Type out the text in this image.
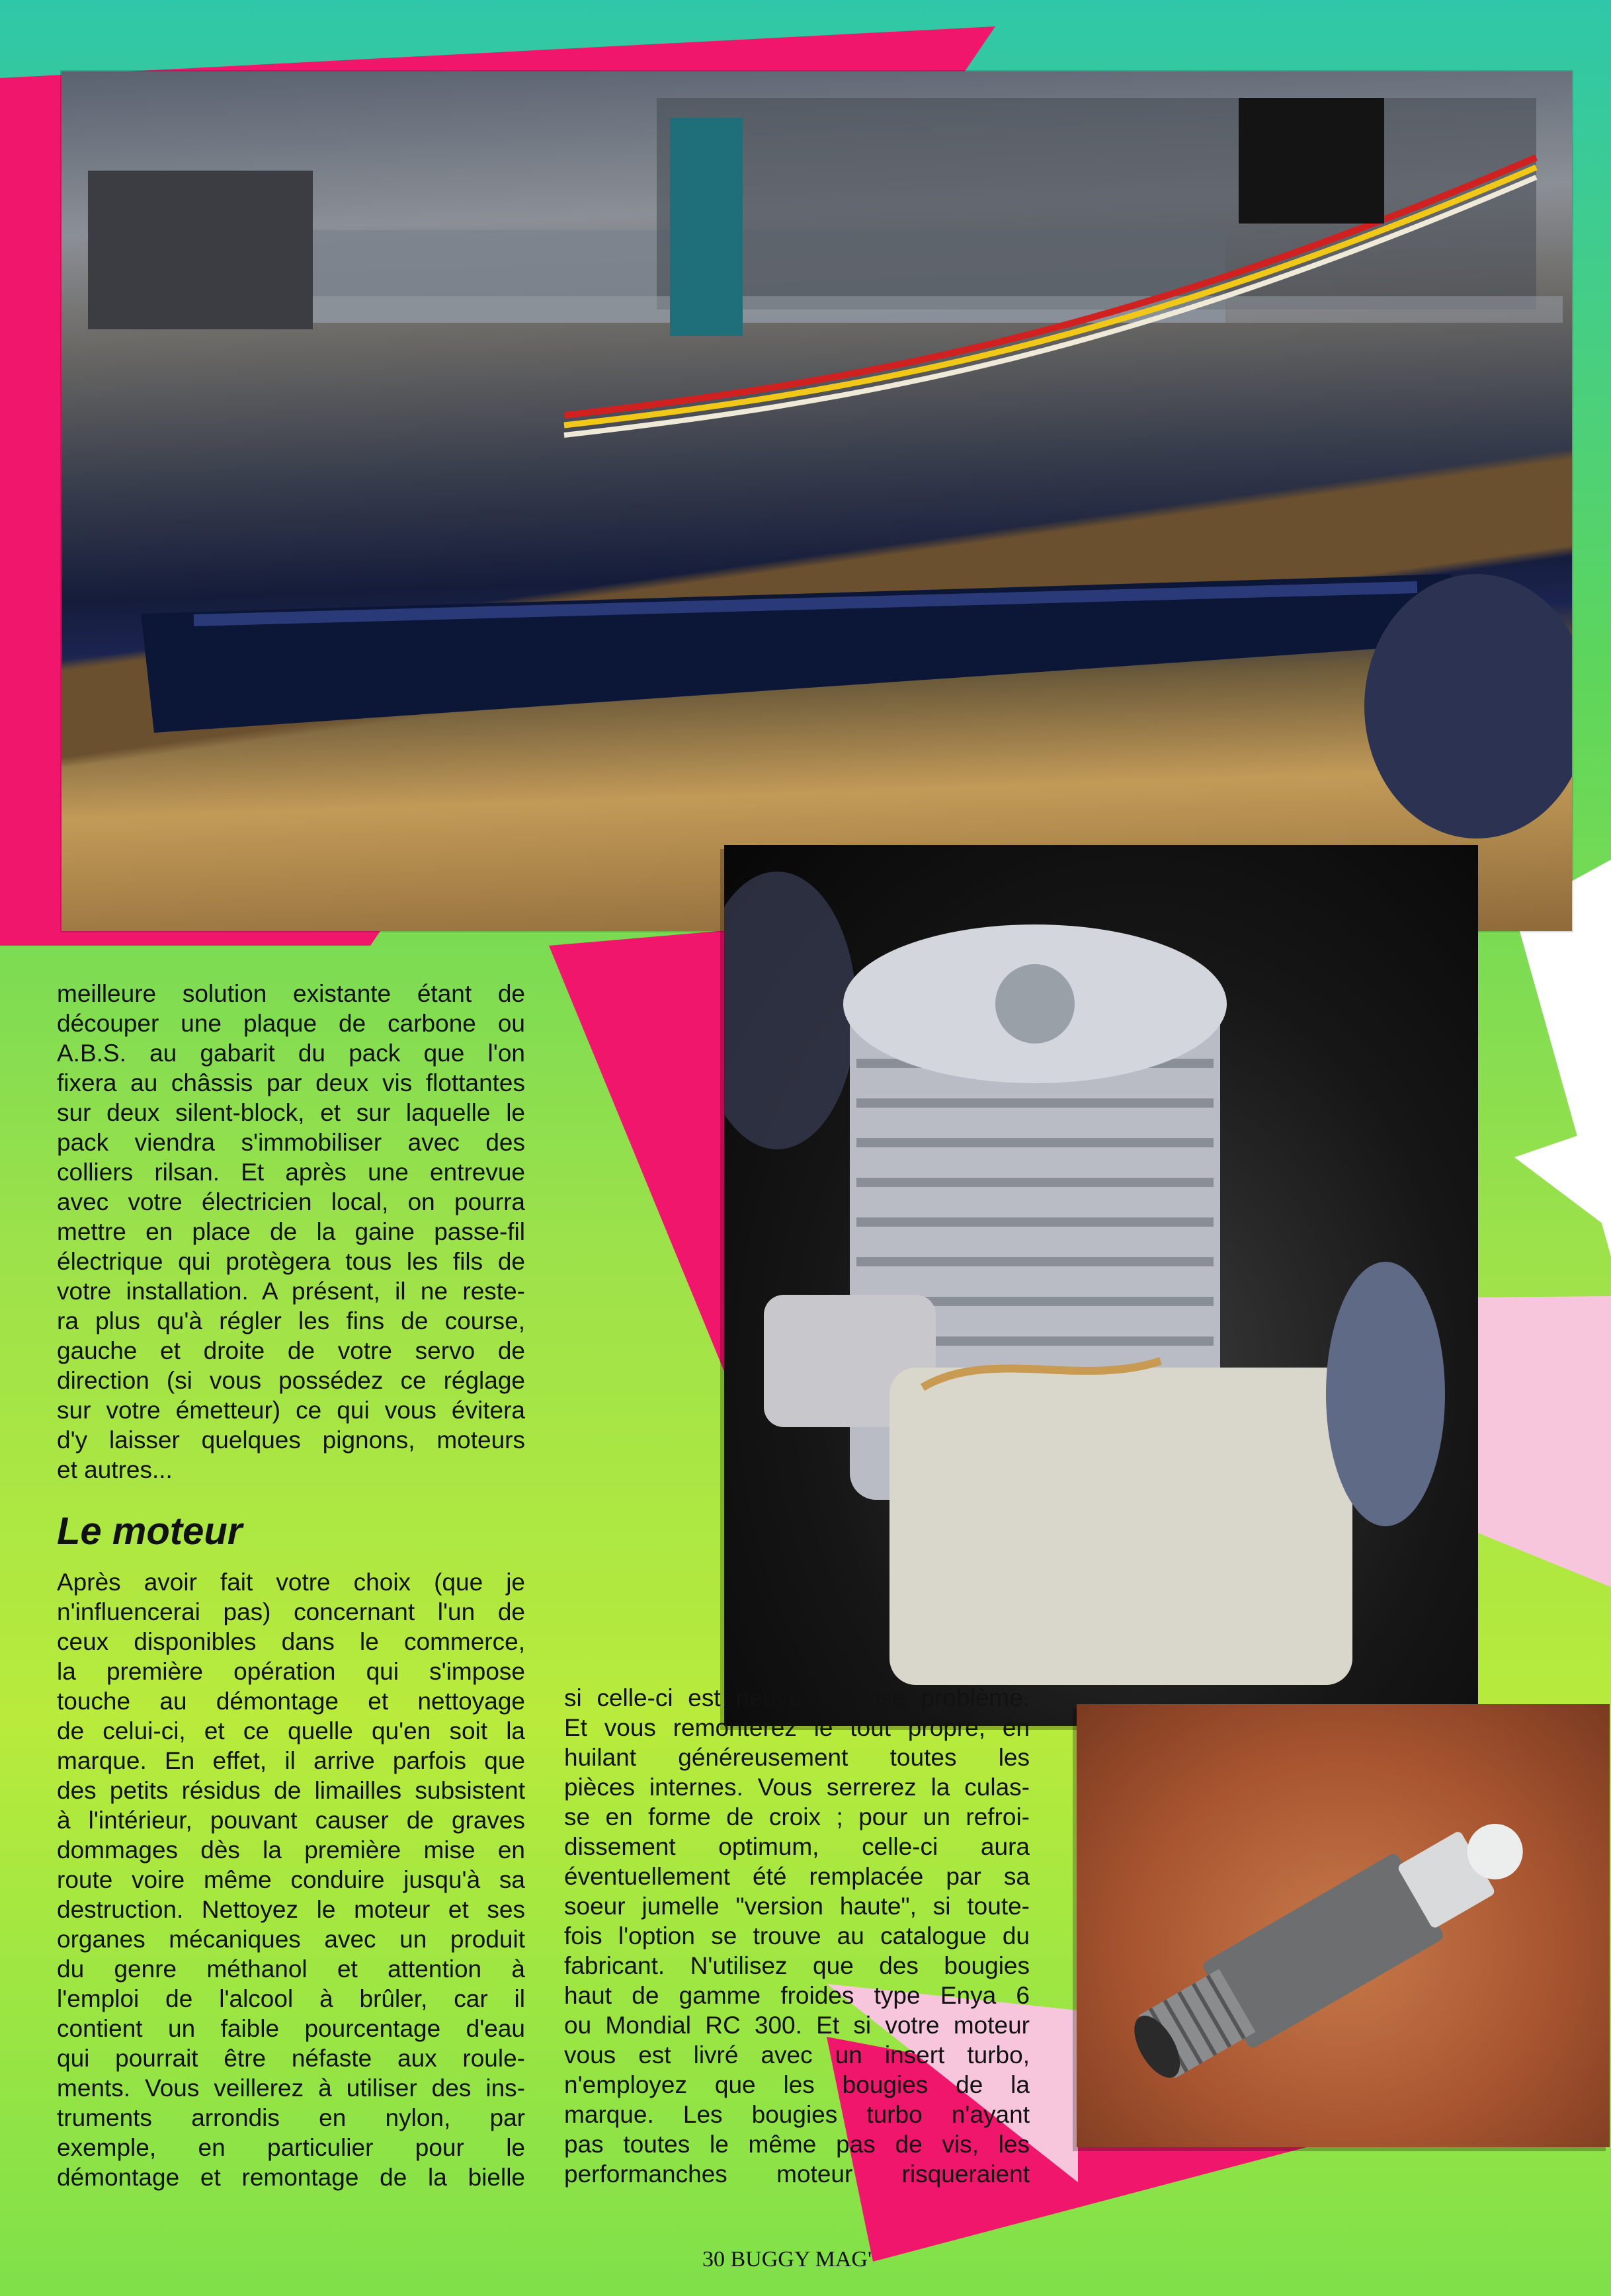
meilleure solution existante étant de

découper une plaque de carbone ou

A.B.S. au gabarit du pack que l'on

fixera au châssis par deux vis flottantes

sur deux silent-block, et sur laquelle le

pack viendra s'immobiliser avec des

colliers rilsan. Et après une entrevue

avec votre électricien local, on pourra

mettre en place de la gaine passe-fil

électrique qui protègera tous les fils de

votre installation. A présent, il ne reste-

ra plus qu'à régler les fins de course,

gauche et droite de votre servo de

direction (si vous possédez ce réglage

sur votre émetteur) ce qui vous évitera

d'y laisser quelques pignons, moteurs

et autres...

Le moteur

Après avoir fait votre choix (que je

n'influencerai pas) concernant l'un de

ceux disponibles dans le commerce,

la première opération qui s'impose

touche au démontage et nettoyage

de celui-ci, et ce quelle qu'en soit la

marque. En effet, il arrive parfois que

des petits résidus de limailles subsistent

à l'intérieur, pouvant causer de graves

dommages dès la première mise en

route voire même conduire jusqu'à sa

destruction. Nettoyez le moteur et ses

organes mécaniques avec un produit

du genre méthanol et attention à

l'emploi de l'alcool à brûler, car il

contient un faible pourcentage d'eau

qui pourrait être néfaste aux roule-

ments. Vous veillerez à utiliser des ins-

truments arrondis en nylon, par

exemple, en particulier pour le

démontage et remontage de la bielle

si celle-ci est neuve et pose problème.

Et vous remonterez le tout propre, en

huilant généreusement toutes les

pièces internes. Vous serrerez la culas-

se en forme de croix ; pour un refroi-

dissement optimum, celle-ci aura

éventuellement été remplacée par sa

soeur jumelle "version haute", si toute-

fois l'option se trouve au catalogue du

fabricant. N'utilisez que des bougies

haut de gamme froides type Enya 6

ou Mondial RC 300. Et si votre moteur

vous est livré avec un insert turbo,

n'employez que les bougies de la

marque. Les bougies turbo n'ayant

pas toutes le même pas de vis, les

performanches moteur risqueraient

30 BUGGY MAG'
